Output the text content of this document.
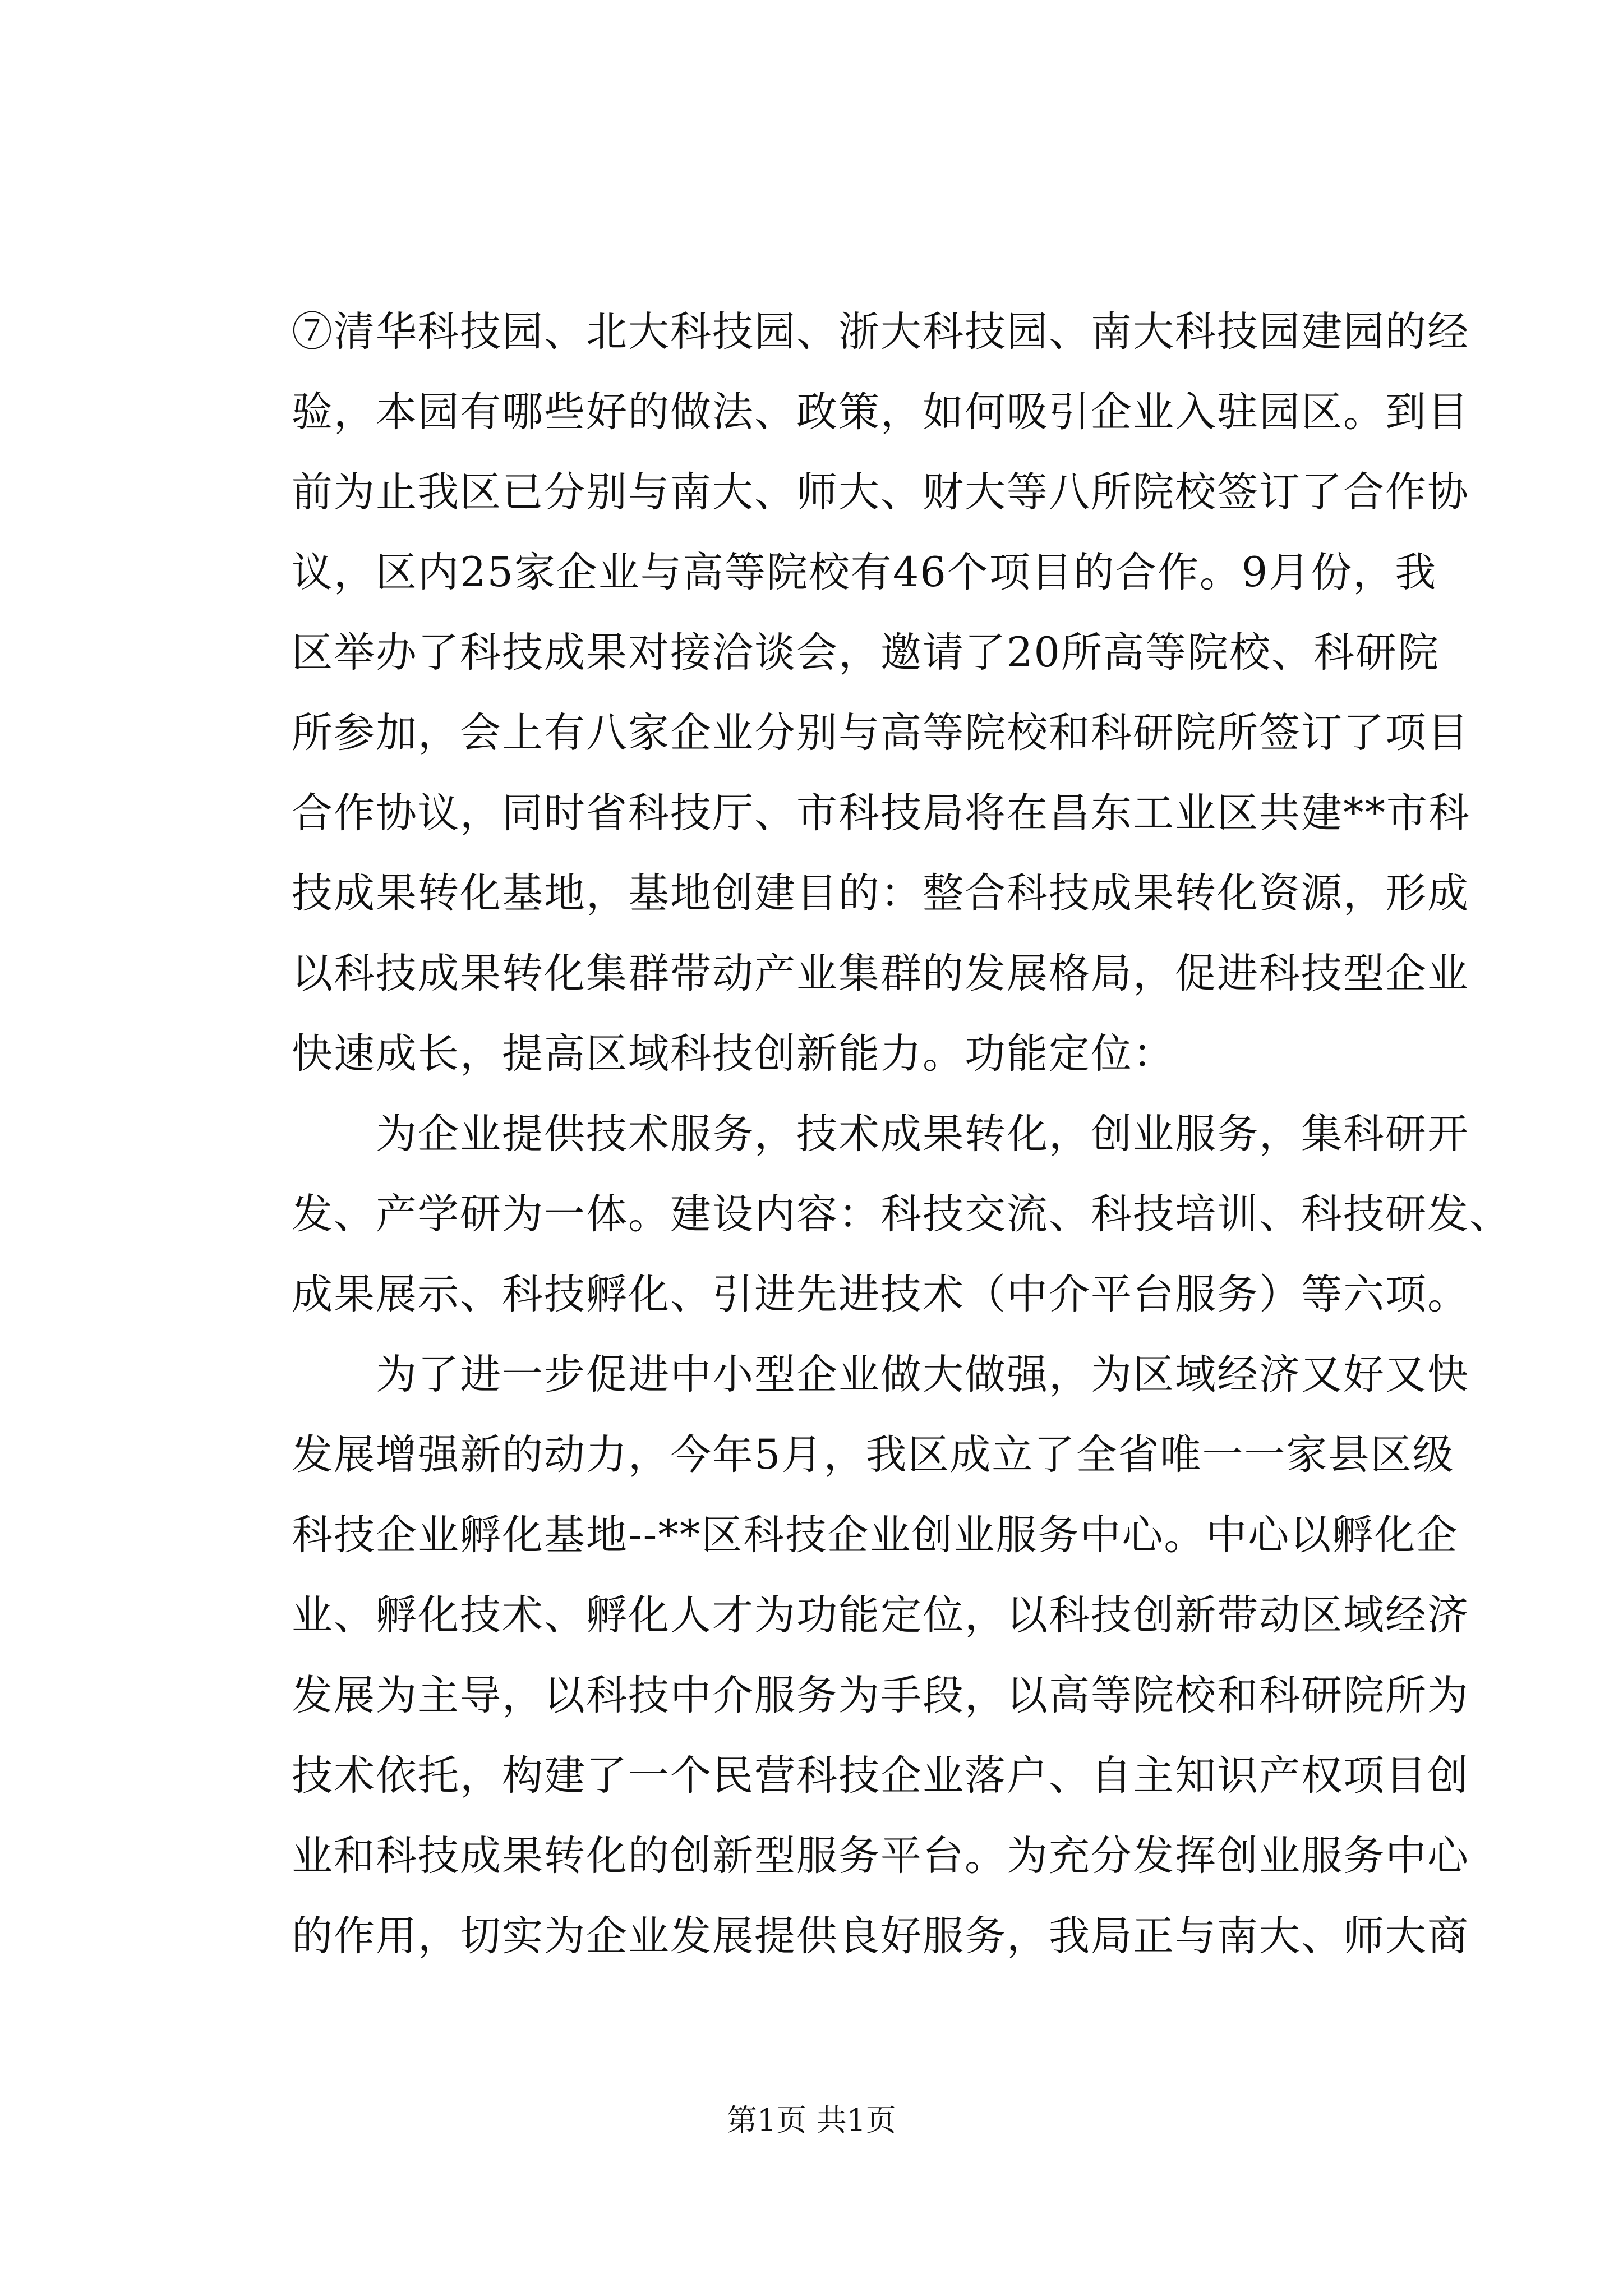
⑦清华科技园、北大科技园、浙大科技园、南大科技园建园的经
验，本园有哪些好的做法、政策，如何吸引企业入驻园区。到目
前为止我区已分别与南大、师大、财大等八所院校签订了合作协
议，区内25家企业与高等院校有46个项目的合作。9月份，我
区举办了科技成果对接洽谈会，邀请了20所高等院校、科研院
所参加，会上有八家企业分别与高等院校和科研院所签订了项目
合作协议，同时省科技厅、市科技局将在昌东工业区共建**市科
技成果转化基地，基地创建目的：整合科技成果转化资源，形成
以科技成果转化集群带动产业集群的发展格局，促进科技型企业
快速成长，提高区域科技创新能力。功能定位：
为企业提供技术服务，技术成果转化，创业服务，集科研开
发、产学研为一体。建设内容：科技交流、科技培训、科技研发、
成果展示、科技孵化、引进先进技术（中介平台服务）等六项。
为了进一步促进中小型企业做大做强，为区域经济又好又快
发展增强新的动力，今年5月，我区成立了全省唯一一家县区级
科技企业孵化基地--**区科技企业创业服务中心。中心以孵化企
业、孵化技术、孵化人才为功能定位，以科技创新带动区域经济
发展为主导，以科技中介服务为手段，以高等院校和科研院所为
技术依托，构建了一个民营科技企业落户、自主知识产权项目创
业和科技成果转化的创新型服务平台。为充分发挥创业服务中心
的作用，切实为企业发展提供良好服务，我局正与南大、师大商
第1页 共1页
